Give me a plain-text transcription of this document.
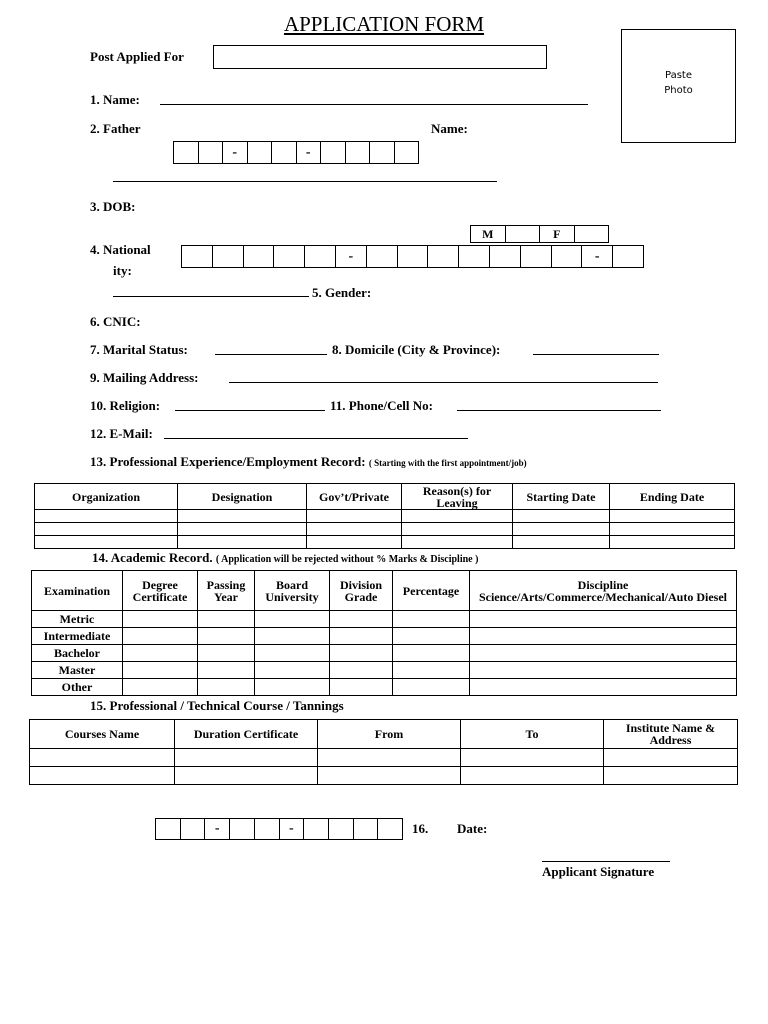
APPLICATION FORM
Paste
Photo
Post Applied For
1. Name:
2. Father	Name:
-	-
3. DOB:
M	F
4. National
ity:
-	-
5. Gender:
6. CNIC:
7. Marital Status:	8. Domicile (City & Province):
9. Mailing Address:
10. Religion:	11. Phone/Cell No:
12. E-Mail:
13. Professional Experience/Employment Record: ( Starting with the first appointment/job)
Organization	Designation	Gov’t/Private	Reason(s) for Leaving	Starting Date	Ending Date

14. Academic Record. ( Application will be rejected without % Marks & Discipline )
Examination	Degree Certificate	Passing Year	Board University	Division Grade	Percentage	Discipline Science/Arts/Commerce/Mechanical/Auto Diesel
Metric						
Intermediate						
Bachelor						
Master						
Other						
15. Professional / Technical Course / Tannings
Courses Name	Duration Certificate	From	To	Institute Name & Address

-	-	16. Date:
Applicant Signature
